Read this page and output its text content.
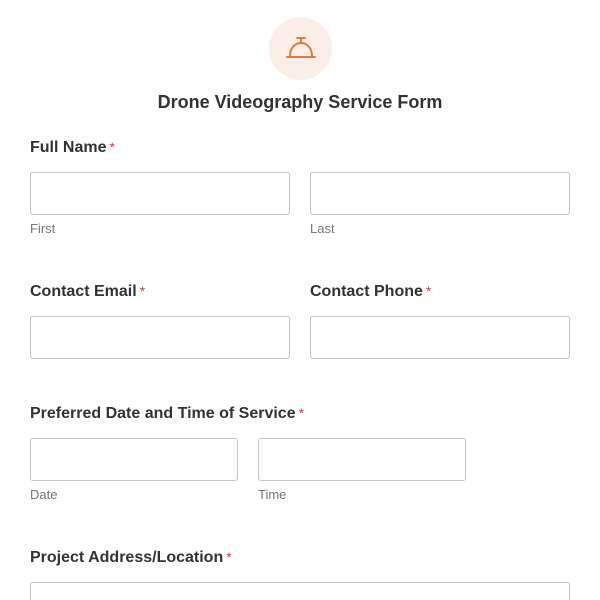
Drone Videography Service Form
Full Name *
First	Last
Contact Email *	Contact Phone *
Preferred Date and Time of Service *
Date	Time
Project Address/Location *
